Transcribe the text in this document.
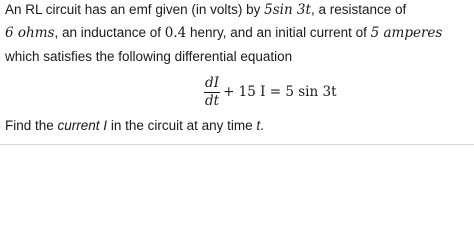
An RL circuit has an emf given (in volts) by 5sin 3t, a resistance of
6 ohms, an inductance of 0.4 henry, and an initial current of 5 amperes
which satisfies the following differential equation
$\frac{dI}{dt} + 15$ I = 5 sin 3t
Find the current I in the circuit at any time t.
